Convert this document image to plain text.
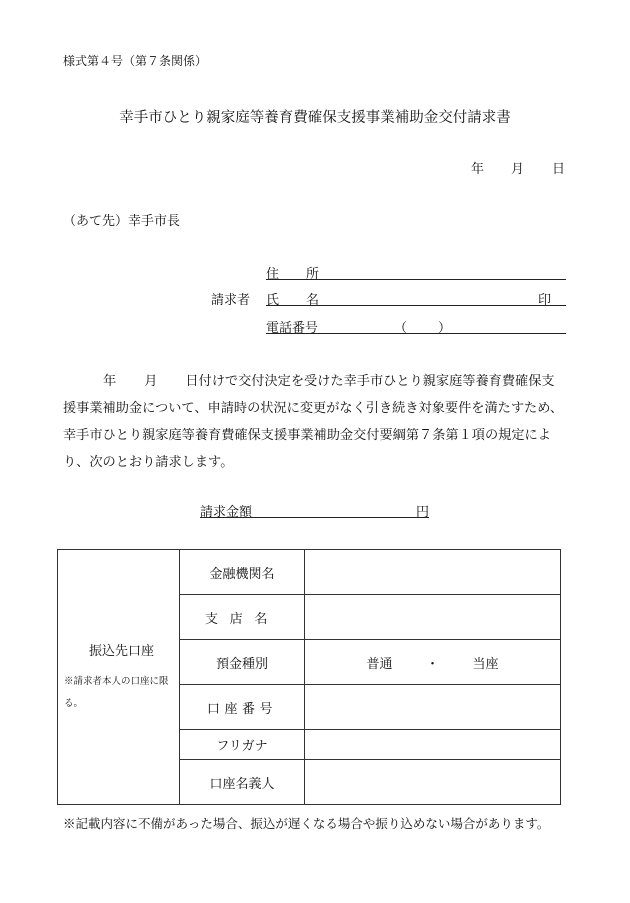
様式第４号（第７条関係）
幸手市ひとり親家庭等養育費確保支援事業補助金交付請求書
年 月 日
（あて先）幸手市長
請求者
住 所
氏 名	印
電話番号	（ ）
年 月 日付けで交付決定を受けた幸手市ひとり親家庭等養育費確保支
援事業補助金について、申請時の状況に変更がなく引き続き対象要件を満たすため、
幸手市ひとり親家庭等養育費確保支援事業補助金交付要綱第７条第１項の規定によ
り、次のとおり請求します。
請求金額	円
振込先口座
※請求者本人の口座に限る。	金融機関名	
	支店名	
	預金種別	普通 ・ 当座
	口座番号	
	フリガナ	
	口座名義人	
※記載内容に不備があった場合、振込が遅くなる場合や振り込めない場合があります。
